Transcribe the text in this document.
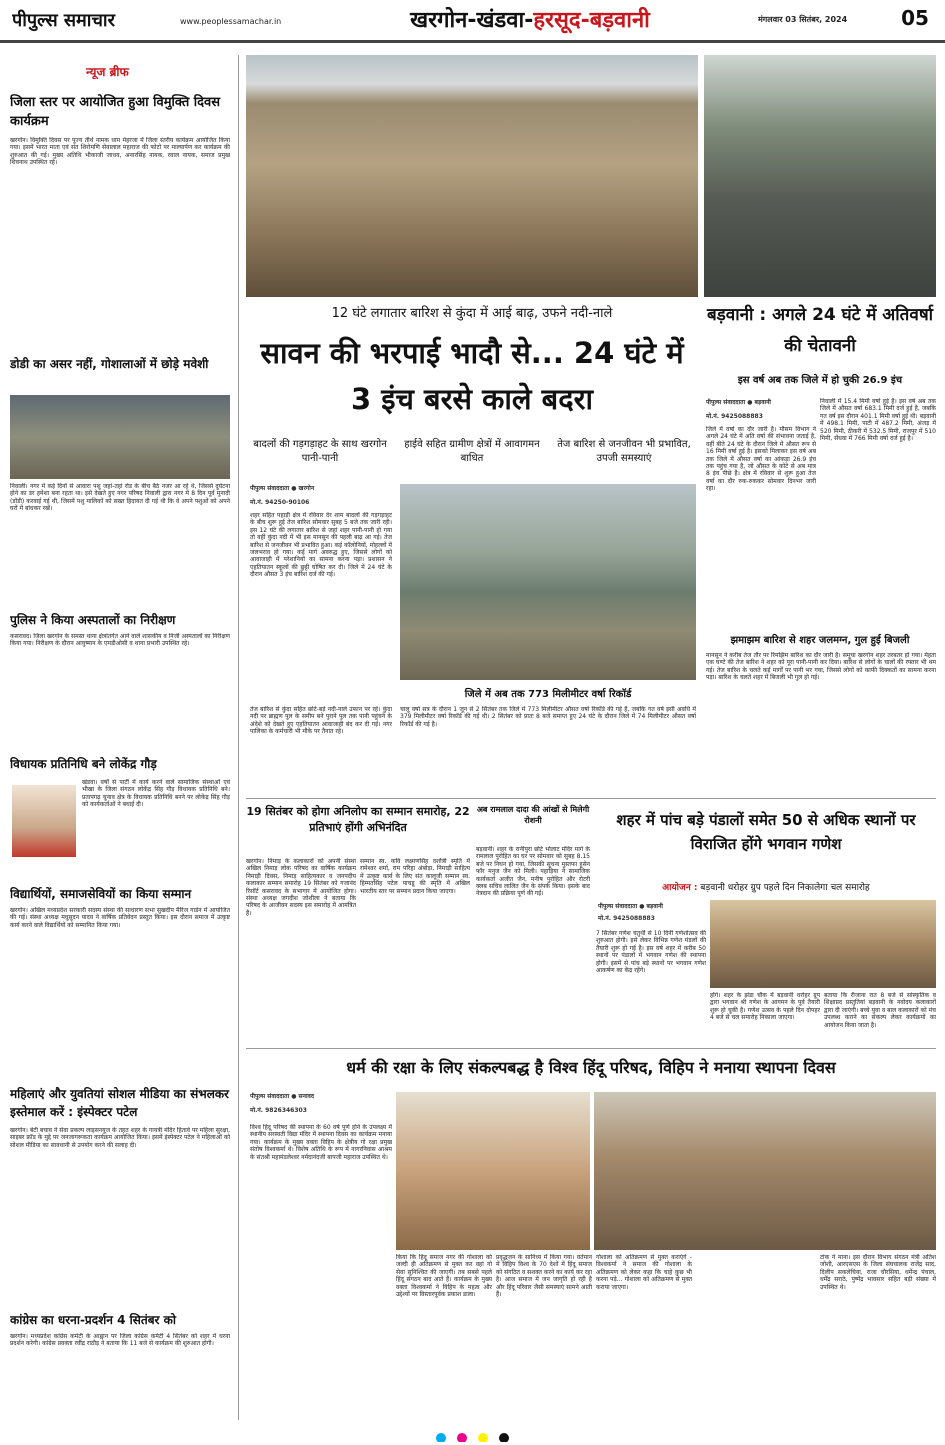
पीपुल्स समाचार	www.peoplessamachar.in	खरगोन-खंडवा-हरसूद-बड़वानी	मंगलवार 03 सितंबर, 2024	05
न्यूज ब्रीफ
जिला स्तर पर आयोजित हुआ विमुक्ति दिवस कार्यक्रम
खरगोन। विमुक्ति दिवस पर पूज्य तीर्थ नामक धाम मेहरजा में जिला स्तरीय कार्यक्रम आयोजित किया गया। इसमें भारत माता एवं संत शिरोमणि सेवालाल महाराज की फोटो पर माल्यार्पण कर कार्यक्रम की शुरुआत की गई। मुख्य अतिथि भीकाजी जाधव, अनारसिंह नायक, रवाल नायक, समाज प्रमुख शिवनाथ उपस्थित रहे।
डोडी का असर नहीं, गोशालाओं में छोड़े मवेशी
निवाली। नगर में कई दिनों से आवारा पशु जहां-तहां रोड के बीच बैठे नजर आ रहे थे, जिससे दुर्घटना होने का डर हमेशा बना रहता था। इसे देखते हुए नगर परिषद निवाली द्वारा नगर में 8 दिन पूर्व मुनादी (डोंडी) करवाई गई थी, जिसमें पशु मालिकों को सख्त हिदायत दी गई थी कि वे अपने पशुओं को अपने घरों में बांधकर रखें।
पुलिस ने किया अस्पतालों का निरीक्षण
कसरावद। जिला खरगोन के समस्त थाना क्षेत्रांतर्गत आने वाले शासकीय व निजी अस्पतालों का निरीक्षण किया गया। निरीक्षण के दौरान आयुष्मान के एमडीओसी व थाना प्रभारी उपस्थित रहे।
विधायक प्रतिनिधि बने लोकेंद्र गौड़
खंडवा। वर्षों से पार्टी में कार्य करने वाले सामाजिक संस्थाओं एवं भीखा के जिला संगठन लोकेंद्र सिंह गौड़ विधायक प्रतिनिधि बने। प्रतापगढ़ चुनाव क्षेत्र के विधायक प्रतिनिधि बनने पर लोकेंद्र सिंह गौड़ को कार्यकर्ताओं ने बधाई दी।
विद्यार्थियों, समाजसेवियों का किया सम्मान
खरगोन। अखिल मध्यप्रदेश सरकारी सदस्य संस्था की साधारण सभा सुखदीप मैरिज गार्डन में आयोजित की गई। संस्था अध्यक्ष मधुसूदन यादव ने वार्षिक प्रतिवेदन प्रस्तुत किया। इस दौरान समाज में उत्कृष्ट कार्य करने वाले विद्यार्थियों को सम्मानित किया गया।
महिलाएं और युवतियां सोशल मीडिया का संभलकर इस्तेमाल करें : इंस्पेक्टर पटेल
खरगोन। बेटी बचाव ने सेवा प्रकल्प लाइसनयूज के तहत शहर के गायत्री मंदिर हितावे पर महिला सुरक्षा, साइबर फ्रॉड के मुद्दे पर जनजागरूकता कार्यक्रम आयोजित किया। इसमें इंस्पेक्टर पटेल ने महिलाओं को सोशल मीडिया का सावधानी से उपयोग करने की सलाह दी।
कांग्रेस का धरना-प्रदर्शन 4 सितंबर को
खरगोन। मध्यप्रदेश कांग्रेस कमेटी के आह्वान पर जिला कांग्रेस कमेटी 4 सितंबर को शहर में धरना प्रदर्शन करेगी। कांग्रेस प्रवक्ता रवींद्र राठौड़ ने बताया कि 11 बजे से कार्यक्रम की शुरुआत होगी।
12 घंटे लगातार बारिश से कुंदा में आई बाढ़, उफने नदी-नाले
सावन की भरपाई भादौ से... 24 घंटे में 3 इंच बरसे काले बदरा
बादलों की गड़गड़ाहट के साथ खरगोन पानी-पानी
हाईवे सहित ग्रामीण क्षेत्रों में आवागमन बाधित
तेज बारिश से जनजीवन भी प्रभावित, उपजी समस्याएं
पीपुल्स संवाददाता ● खरगोन
मो.नं. 94250-90106
शहर सहित पहाड़ी क्षेत्र में रविवार देर शाम बादलों की गड़गड़ाहट के बीच शुरू हुई तेज बारिश सोमवार सुबह 5 बजे तक जारी रही। इस 12 घंटे की लगातार बारिश से जहां शहर पानी-पानी हो गया तो वहीं कुंदा नदी में भी इस मानसून की पहली बाढ़ आ गई। तेज बारिश से जनजीवन भी प्रभावित हुआ। कई कॉलोनियों, मोहल्लों में जलभराव हो गया। कई मार्ग अवरुद्ध हुए, जिससे लोगों को आवाजाही में परेशानियों का सामना करना पड़ा। प्रशासन ने एहतियातन स्कूलों की छुट्टी घोषित कर दी। जिले में 24 घंटे के दौरान औसत 3 इंच बारिश दर्ज की गई।
तेज बारिश से कुंदा सहित छोटे-बड़े नदी-नाले उफान पर रहे। कुंदा नदी पर ब्राह्मण पुल के समीप बने पुराने पुल तक पानी पहुंचने के अंदेशे को देखते हुए एहतियातन आवाजाही बंद कर दी गई। नगर पालिका के कर्मचारी भी मौके पर तैनात रहे।
जिले में अब तक 773 मिलीमीटर वर्षा रिकॉर्ड
चालू वर्षा सत्र के दौरान 1 जून से 2 सितंबर तक जिले में 773 मिलीमीटर औसत वर्षा रिकॉर्ड की गई है, जबकि गत वर्ष इसी अवधि में 379 मिलीमीटर वर्षा रिकॉर्ड की गई थी। 2 सितंबर को प्रातः 8 बजे समाप्त हुए 24 घंटे के दौरान जिले में 74 मिलीमीटर औसत वर्षा रिकॉर्ड की गई है।
बड़वानी : अगले 24 घंटे में अतिवर्षा की चेतावनी
इस वर्ष अब तक जिले में हो चुकी 26.9 इंच
पीपुल्स संवाददाता ● बड़वानी
मो.नं. 9425088883
जिले में वर्षा का दौर जारी है। मौसम विभाग ने अगले 24 घंटे में अति वर्षा की संभावना जताई है, वहीं बीते 24 घंटे के दौरान जिले में औसत रूप से 16 मिमी वर्षा हुई है। इसको मिलाकर इस वर्ष अब तक जिले में औसत वर्षा का आंकड़ा 26.9 इंच तक पहुंच गया है, जो औसत के कोटे से अब मात्र 8 इंच पीछे है। क्षेत्र में रविवार से शुरू हुआ तेज वर्षा का दौर रुक-रुककर सोमवार दिनभर जारी रहा।
निवाली में 15.4 मिमी वर्षा हुई है। इस वर्ष अब तक जिले में औसत वर्षा 683.1 मिमी दर्ज हुई है, जबकि गत वर्ष इस दौरान 401.1 मिमी वर्षा हुई थी। बड़वानी में 498.1 मिमी, पाटी में 487.2 मिमी, अंजड़ में 520 मिमी, ठीकरी में 532.5 मिमी, राजपुर में 510 मिमी, सेंधवा में 766 मिमी वर्षा दर्ज हुई है।
झमाझम बारिश से शहर जलमग्न, गुल हुई बिजली
मानसून ने करीब तेज तौर पर रिमझिम बारिश का दौर जारी है। समूचा खरगोन शहर तरबतर हो गया। मेहता एक घण्टे की तेज बारिश ने शहर को पूरा पानी-पानी कर दिया। बारिश से लोगों के चालों की रफ्तार भी थम गई। तेज बारिश के चलते कई मार्गों पर पानी भर गया, जिससे लोगों को काफी दिक्कतों का सामना करना पड़ा। बारिश के चलते शहर में बिजली भी गुल हो गई।
19 सितंबर को होगा अनिलोप का सम्मान समारोह, 22 प्रतिभाएं होंगी अभिनंदित
खरगोन। निमाड़ के कलाकारों को अपनी संस्था अखिल निमाड़ लोक परिषद का वार्षिक कार्यक्रम निमाड़ी दिवस, निमाड़ साहित्यकार व जनपदीय कलाकार सम्मान समारोह 19 सितंबर को गजानंद रिसॉर्ट कसरावद के सभागार में आयोजित होगा। संस्था अध्यक्ष जगदीश जोशीला ने बताया कि परिषद के आजीवन सदस्य इस समारोह में आमंत्रित हैं।
सम्मान स्व. कवि लक्ष्मणसिंह दर्शोत्री स्मृति में रामेश्वर शर्मा, राम परिहा अंबोड़ा, निमाड़ी साहित्य में उत्कृष्ट कार्य के लिए संत कालूजी सम्मान स्व. हिम्मतसिंह पटेल पाचडू की स्मृति में अखिल भारतीय स्तर पर सम्मान प्रदान किया जाएगा।
अब रामलाल दादा की आंखों से मिलेगी रोशनी
बड़वानी। शहर के रानीपुरा छोटे भोलाट मंदिर मार्ग के रामलाल पुरोहित का घर पर सोमवार को सुबह 8.15 बजे पर निधन हो गया, जिसकी सूचना मुस्तफा हुसेन फॉर मनुज जैन को मिली। पहाड़िया ने सामाजिक कार्यकर्ता अजीत जैन, मनीष पुरोहित और रोटरी क्लब सचिव लालित जैन के संपर्क किया। इसके बाद नेत्रदान की प्रक्रिया पूर्ण की गई।
शहर में पांच बड़े पंडालों समेत 50 से अधिक स्थानों पर विराजित होंगे भगवान गणेश
आयोजन : बड़वानी धरोहर ग्रुप पहले दिन निकालेगा चल समारोह
पीपुल्स संवाददाता ● बड़वानी
मो.नं. 9425088883
7 सितंबर गणेश चतुर्थी से 10 दिनी गणेशोत्सव की शुरुआत होगी। इसे लेकर विभिन्न गणेश मंडलों की तैयारी शुरू हो गई है। इस वर्ष शहर में करीब 50 स्थानों पर पंडालों में भगवान गणेश की स्थापना होगी। इसमें से पांच बड़े स्थानों पर भगवान गणेश आकर्षण का केंद्र रहेंगे।
होंगे। शहर के झंडा चौक में बड़वानी धरोहर ग्रुप द्वारा भगवान श्री गणेश के आगमन के पूर्व तैयारी शुरू हो चुकी है। गणेश उत्सव के पहले दिन दोपहर 4 बजे से चल समारोह निकाला जाएगा।
बताया कि रीजाना रात 8 बजे से सांस्कृतिक व शिक्षाप्रद प्रस्तुतियां बड़वानी के नवोदय कलाकारों द्वारा दी जाएंगी। बच्चे युवा व बाल कलाकारों को मंच उपलब्ध कराने का संकल्प लेकर कार्यक्रमों का आयोजन किया जाता है।
धर्म की रक्षा के लिए संकल्पबद्ध है विश्व हिंदू परिषद, विहिप ने मनाया स्थापना दिवस
पीपुल्स संवाददाता ● सनावद
मो.नं. 9826346303
विश्व हिंदू परिषद की स्थापना के 60 वर्ष पूर्ण होने के उपलक्ष्य में स्थानीय सरस्वती विद्या मंदिर में स्थापना दिवस का कार्यक्रम मनाया गया। कार्यक्रम के मुख्य वक्ता विहिप के क्षेत्रीय गो रक्षा प्रमुख संतोष विश्वकर्मा थे। विशेष अतिथि के रूप में नागरनिवास आश्रम के संतश्री महामंडलेश्वर नर्मदानंदजी बापजी महाराज उपस्थित थे।
किया कि हिंदू समाज नगर की गोशाला को जल्दी ही अतिक्रमण से मुक्त कर वहां गो सेवा सुनिश्चित की जाएगी। तब सबसे पहले हिंदू संगठन बाद आते हैं। कार्यक्रम के मुख्य वक्ता विश्वकर्मा ने विहिप के महत्व और उद्देश्यों पर विस्तारपूर्वक प्रकाश डाला।
प्रवृद्धजन के सानिध्य में किया गया। वर्तमान में विहिप विश्व के 70 देशों में हिंदू समाज को संगठित व सशक्त करने का कार्य कर रहा है। आज समाज में जन जागृति हो रही है और हिंदू परिवार जैसी समस्याएं सामने आती हैं।
गोशाला को अतिक्रमण से मुक्त कराएंगे - विश्वकर्मा ने समाज की गोशाला के अतिक्रमण को लेकर कहा कि चाहे कुछ भी करना पड़े... गोशाला को अतिक्रमण से मुक्त कराया जाएगा।
टांक ने माना। इस दौरान विभाग संगठन मंत्री अतिश जोशी, आरएसएस के जिला संघचालक राजेंद्र साद, दिलीप सकलेचिया, राजा चौरसिया, धर्मेन्द्र पंचाल, धर्मेंद्र सराठे, पुष्पेंद्र भावसार सहित बड़ी संख्या में उपस्थित थे।
